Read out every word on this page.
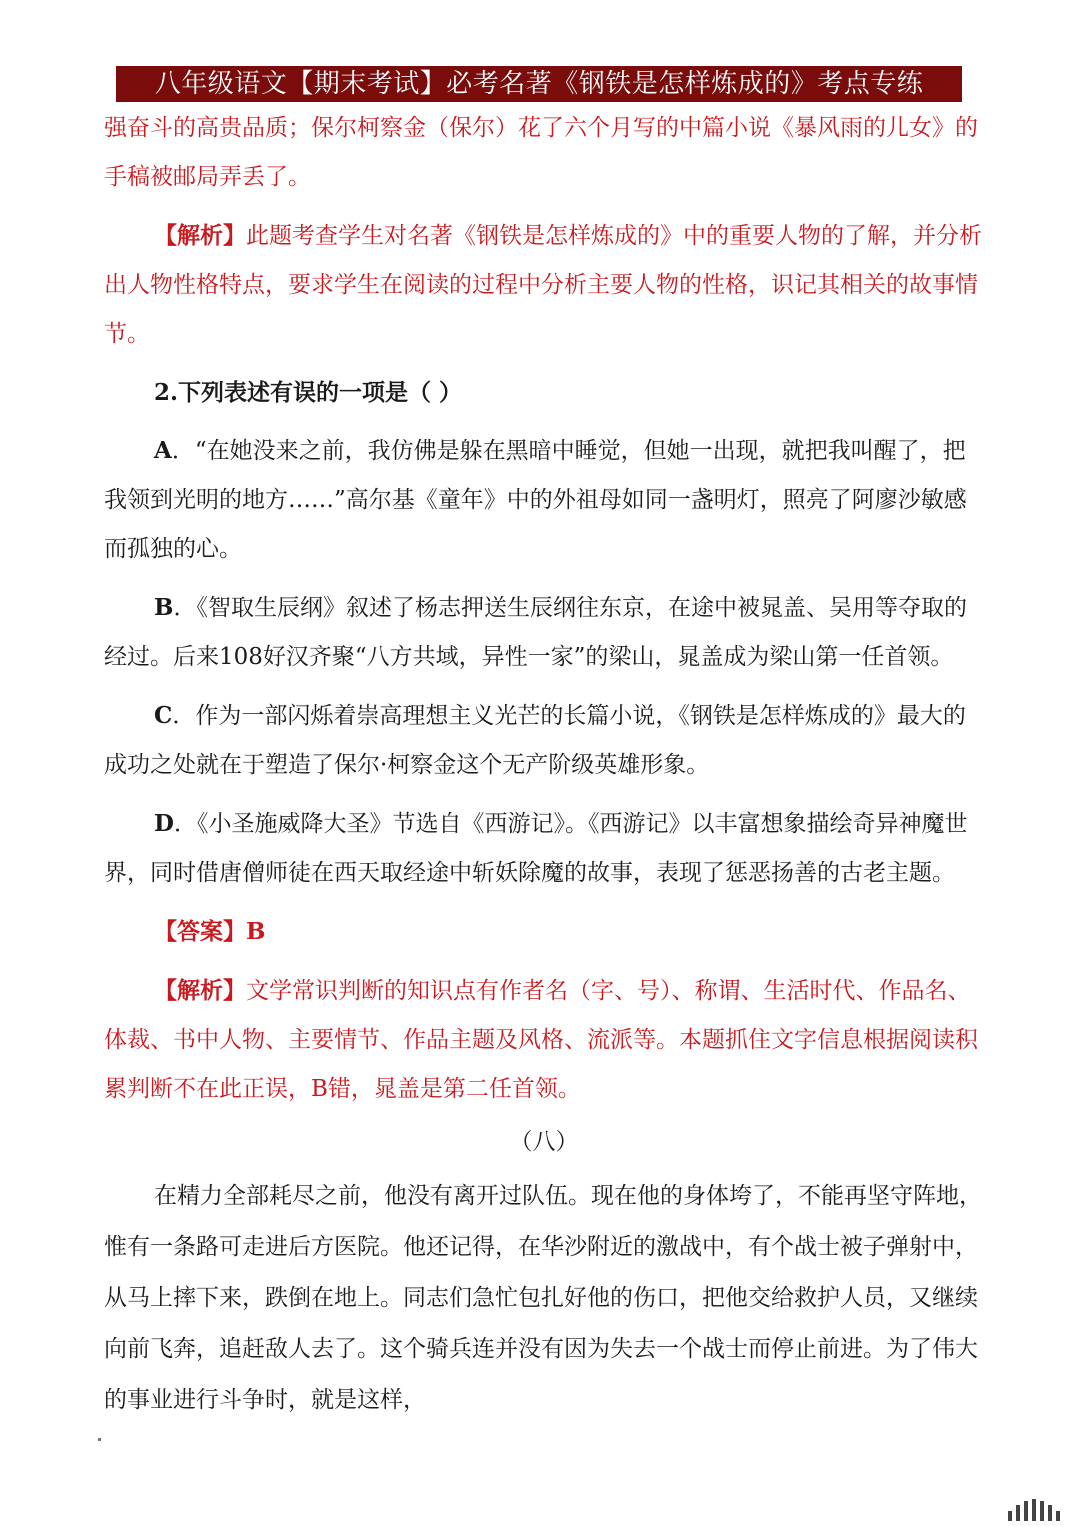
八年级语文【期末考试】必考名著《钢铁是怎样炼成的》考点专练

强奋斗的高贵品质；保尔柯察金（保尔）花了六个月写的中篇小说《暴风雨的儿女》的手稿被邮局弄丢了。

【解析】此题考查学生对名著《钢铁是怎样炼成的》中的重要人物的了解，并分析出人物性格特点，要求学生在阅读的过程中分析主要人物的性格，识记其相关的故事情节。

2.下列表述有误的一项是（ ）

A．“在她没来之前，我仿佛是躲在黑暗中睡觉，但她一出现，就把我叫醒了，把我领到光明的地方……”高尔基《童年》中的外祖母如同一盏明灯，照亮了阿廖沙敏感而孤独的心。

B．《智取生辰纲》叙述了杨志押送生辰纲往东京，在途中被晁盖、吴用等夺取的经过。后来108好汉齐聚“八方共域，异性一家”的梁山，晁盖成为梁山第一任首领。

C．作为一部闪烁着崇高理想主义光芒的长篇小说，《钢铁是怎样炼成的》最大的成功之处就在于塑造了保尔·柯察金这个无产阶级英雄形象。

D．《小圣施威降大圣》节选自《西游记》。《西游记》以丰富想象描绘奇异神魔世界，同时借唐僧师徒在西天取经途中斩妖除魔的故事，表现了惩恶扬善的古老主题。

【答案】B

【解析】文学常识判断的知识点有作者名（字、号）、称谓、生活时代、作品名、体裁、书中人物、主要情节、作品主题及风格、流派等。本题抓住文字信息根据阅读积累判断不在此正误，B错，晁盖是第二任首领。

（八）

在精力全部耗尽之前，他没有离开过队伍。现在他的身体垮了，不能再坚守阵地，惟有一条路可走进后方医院。他还记得，在华沙附近的激战中，有个战士被子弹射中，从马上摔下来，跌倒在地上。同志们急忙包扎好他的伤口，把他交给救护人员，又继续向前飞奔，追赶敌人去了。这个骑兵连并没有因为失去一个战士而停止前进。为了伟大的事业进行斗争时，就是这样，
